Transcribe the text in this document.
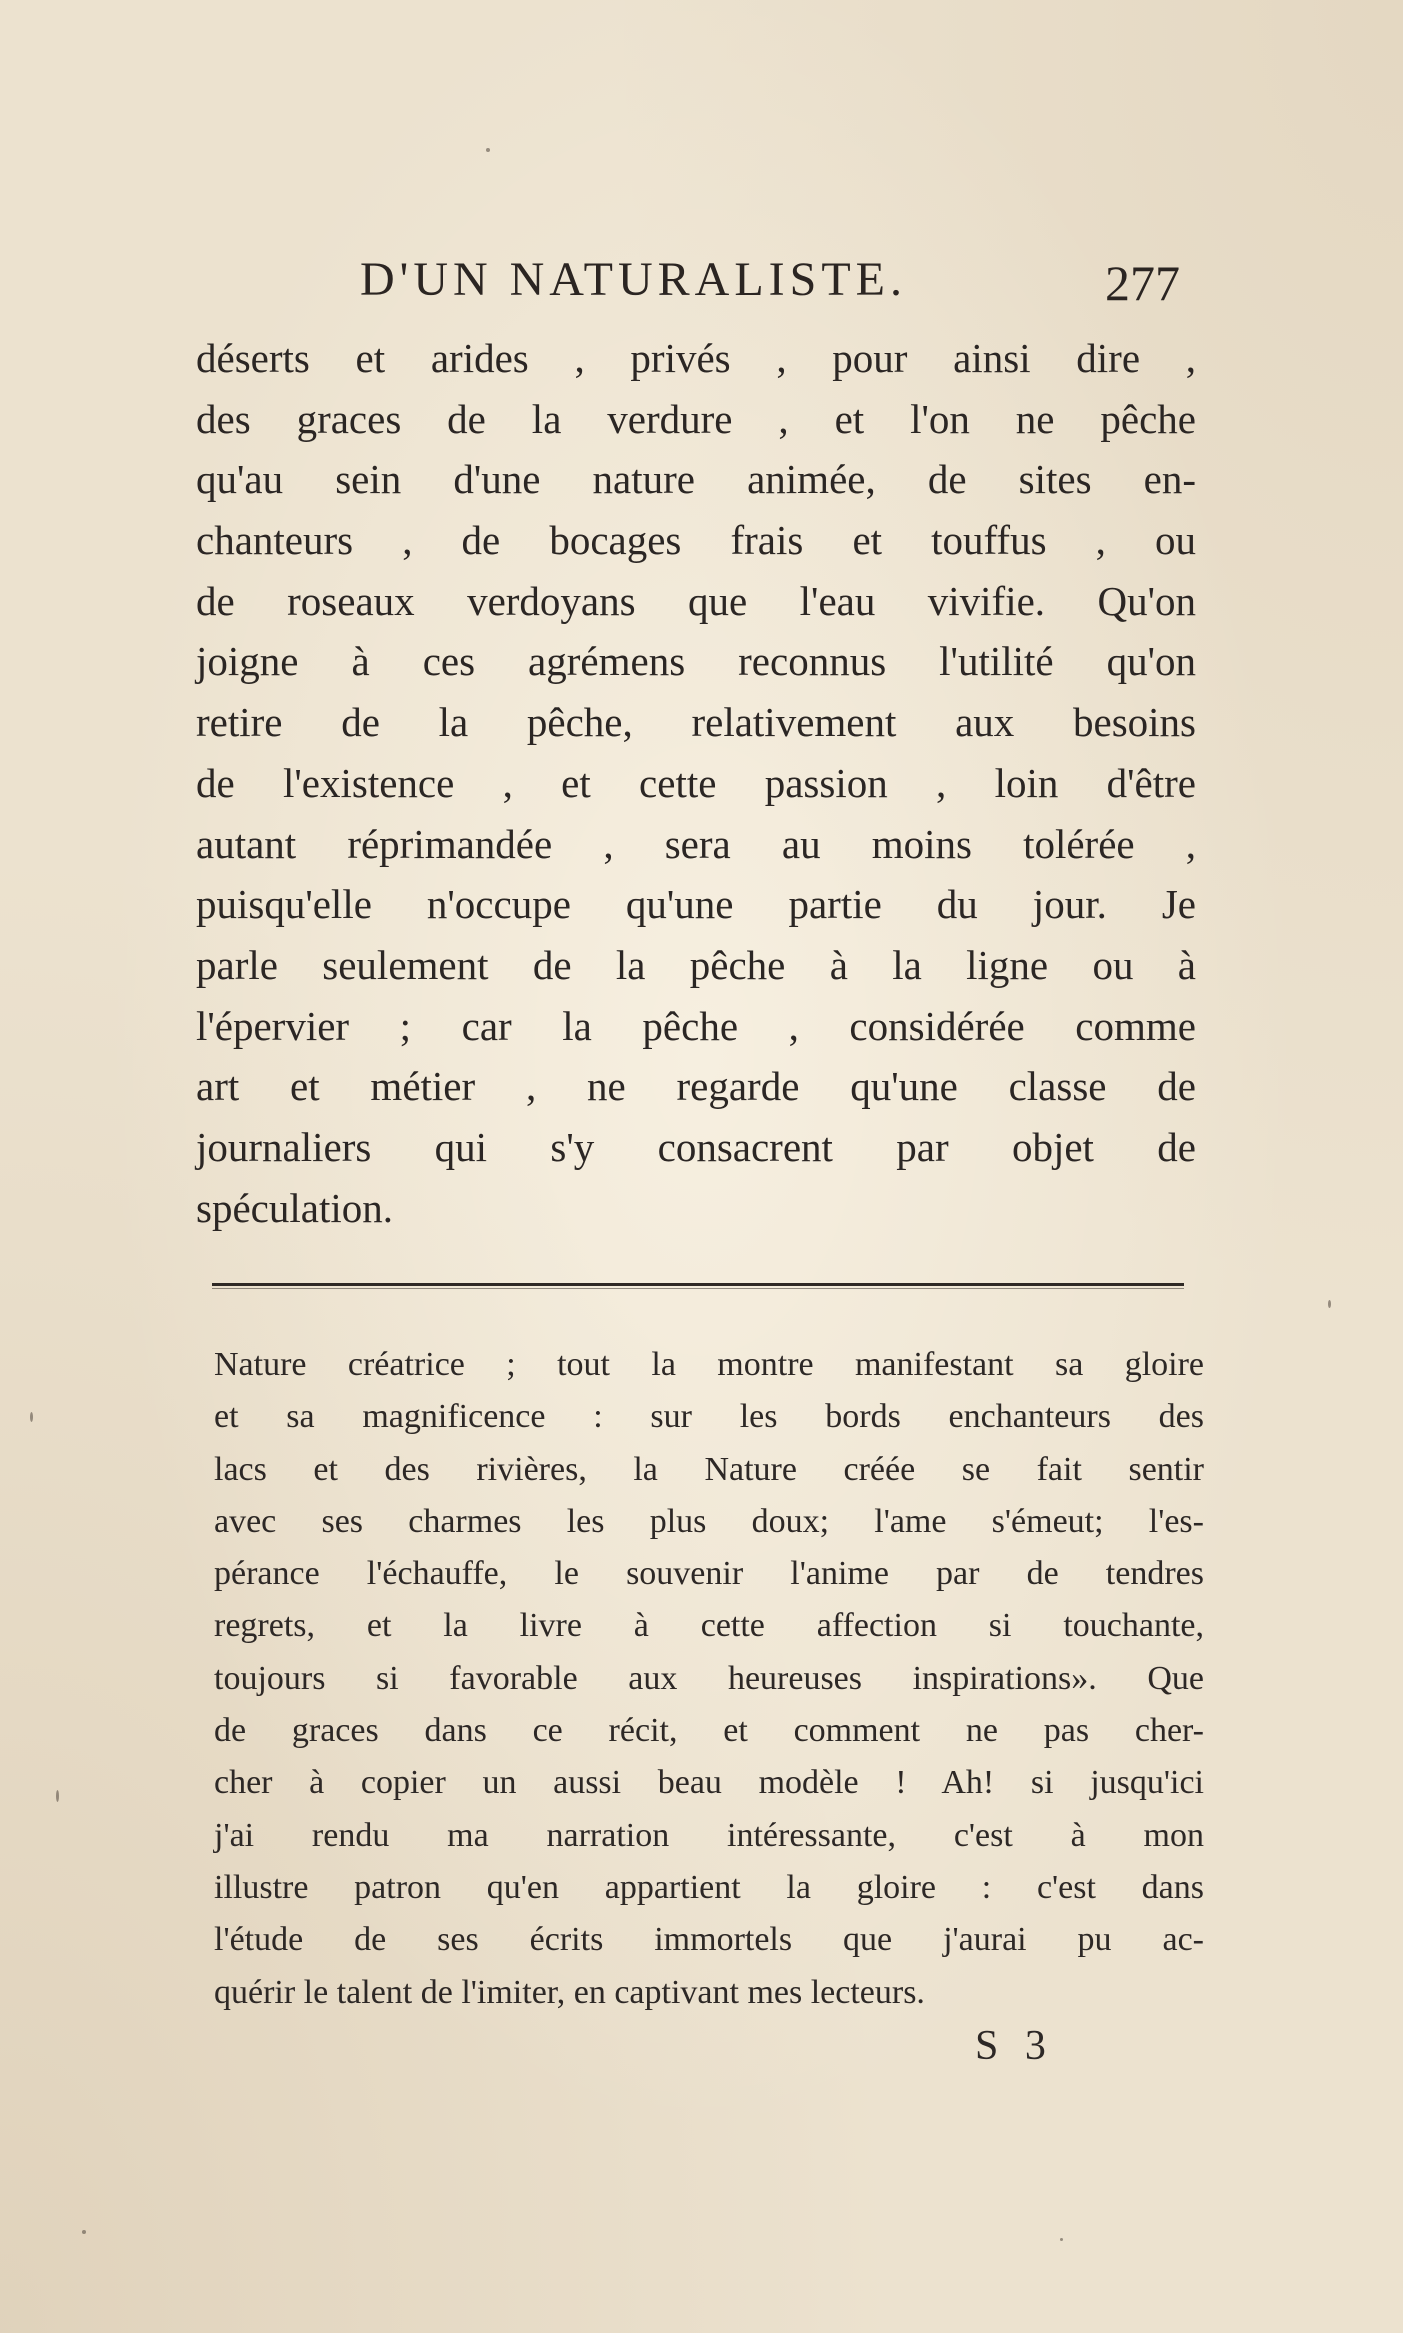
D'UN NATURALISTE.	277
déserts et arides , privés , pour ainsi dire ,
des graces de la verdure , et l'on ne pêche
qu'au sein d'une nature animée, de sites en-
chanteurs , de bocages frais et touffus , ou
de roseaux verdoyans que l'eau vivifie. Qu'on
joigne à ces agrémens reconnus l'utilité qu'on
retire de la pêche, relativement aux besoins
de l'existence , et cette passion , loin d'être
autant réprimandée , sera au moins tolérée ,
puisqu'elle n'occupe qu'une partie du jour. Je
parle seulement de la pêche à la ligne ou à
l'épervier ; car la pêche , considérée comme
art et métier , ne regarde qu'une classe de
journaliers qui s'y consacrent par objet de
spéculation.
Nature créatrice ; tout la montre manifestant sa gloire
et sa magnificence : sur les bords enchanteurs des
lacs et des rivières, la Nature créée se fait sentir
avec ses charmes les plus doux; l'ame s'émeut; l'es-
pérance l'échauffe, le souvenir l'anime par de tendres
regrets, et la livre à cette affection si touchante,
toujours si favorable aux heureuses inspirations». Que
de graces dans ce récit, et comment ne pas cher-
cher à copier un aussi beau modèle ! Ah! si jusqu'ici
j'ai rendu ma narration intéressante, c'est à mon
illustre patron qu'en appartient la gloire : c'est dans
l'étude de ses écrits immortels que j'aurai pu ac-
quérir le talent de l'imiter, en captivant mes lecteurs.
S 3
